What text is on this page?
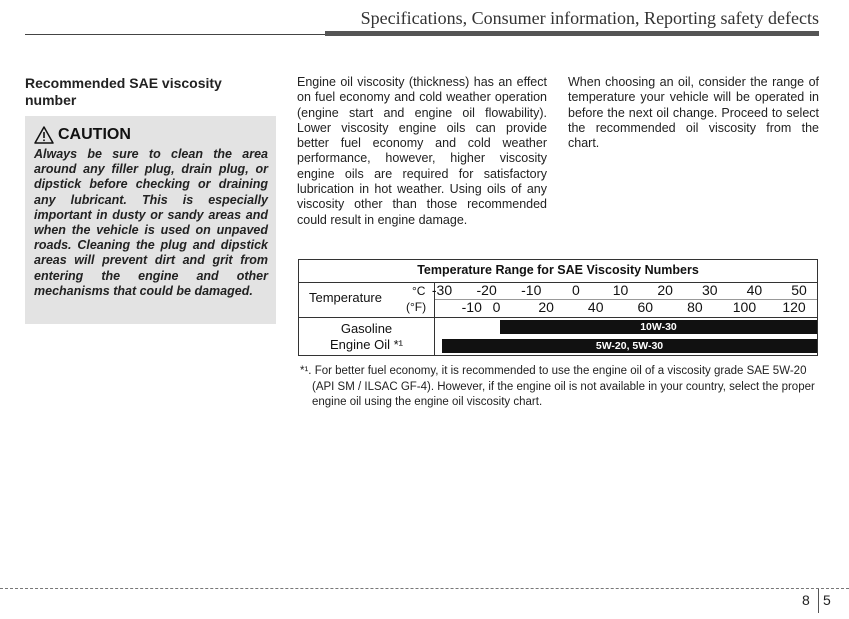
Specifications, Consumer information, Reporting safety defects
Recommended SAE viscosity number
CAUTION
Always be sure to clean the area around any filler plug, drain plug, or dipstick before checking or draining any lubricant. This is especially important in dusty or sandy areas and when the vehicle is used on unpaved roads. Cleaning the plug and dipstick areas will prevent dirt and grit from entering the engine and other mechanisms that could be damaged.
Engine oil viscosity (thickness) has an effect on fuel economy and cold weather operation (engine start and engine oil flowability). Lower viscosity engine oils can provide better fuel economy and cold weather performance, however, higher viscosity engine oils are required for satisfactory lubrication in hot weather. Using oils of any viscosity other than those recommended could result in engine damage.
When choosing an oil, consider the range of temperature your vehicle will be operated in before the next oil change. Proceed to select the recommended oil viscosity from the chart.
Temperature Range for SAE Viscosity Numbers
Temperature	°C
(°F)
Gasoline
Engine Oil *¹
-30 -20 -10 0 10 20 30 40 50
-10 0	20 40 60 80 100 120
10W-30
5W-20, 5W-30
*¹. For better fuel economy, it is recommended to use the engine oil of a viscosity grade SAE 5W-20 (API SM / ILSAC GF-4). However, if the engine oil is not available in your country, select the proper engine oil using the engine oil viscosity chart.
8 5
